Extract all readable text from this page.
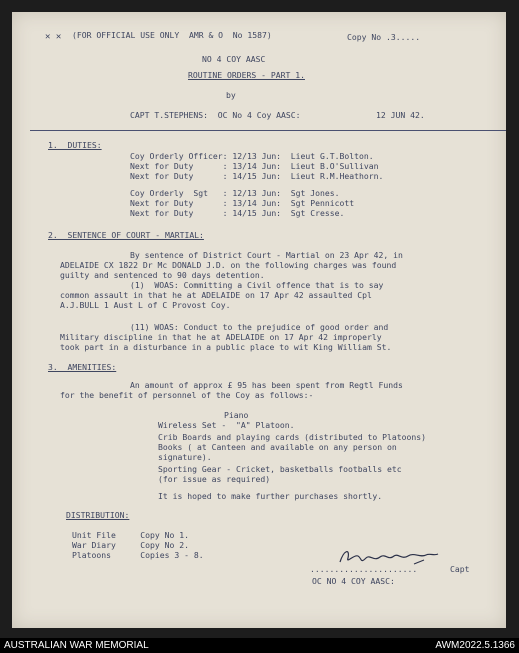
✕ ✕ (FOR OFFICIAL USE ONLY  AMR & O  No 1587)	Copy No .3.....
NO 4 COY AASC
ROUTINE ORDERS - PART 1.
by
CAPT T.STEPHENS:  OC No 4 Coy AASC:	12 JUN 42.
1.  DUTIES:
Coy Orderly Officer: 12/13 Jun:  Lieut G.T.Bolton.
Next for Duty      : 13/14 Jun:  Lieut B.O'Sullivan
Next for Duty      : 14/15 Jun:  Lieut R.M.Heathorn.
Coy Orderly  Sgt   : 12/13 Jun:  Sgt Jones.
Next for Duty      : 13/14 Jun:  Sgt Pennicott
Next for Duty      : 14/15 Jun:  Sgt Cresse.
2.  SENTENCE OF COURT - MARTIAL:
By sentence of District Court - Martial on 23 Apr 42, in
ADELAIDE CX 1822 Dr Mc DONALD J.D. on the following charges was found
guilty and sentenced to 90 days detention.
(1)  WOAS: Committing a Civil offence that is to say
common assault in that he at ADELAIDE on 17 Apr 42 assaulted Cpl
A.J.BULL 1 Aust L of C Provost Coy.
(11) WOAS: Conduct to the prejudice of good order and
Military discipline in that he at ADELAIDE on 17 Apr 42 improperly
took part in a disturbance in a public place to wit King William St.
3.  AMENITIES:
An amount of approx £ 95 has been spent from Regtl Funds
for the benefit of personnel of the Coy as follows:-
Piano
Wireless Set -  "A" Platoon.
Crib Boards and playing cards (distributed to Platoons)
Books ( at Canteen and available on any person on
signature).
Sporting Gear - Cricket, basketballs footballs etc
(for issue as required)
It is hoped to make further purchases shortly.
DISTRIBUTION:
Unit File     Copy No 1.
War Diary     Copy No 2.
Platoons      Copies 3 - 8.
......................	Capt
OC NO 4 COY AASC:
AUSTRALIAN WAR MEMORIAL	AWM2022.5.1366
